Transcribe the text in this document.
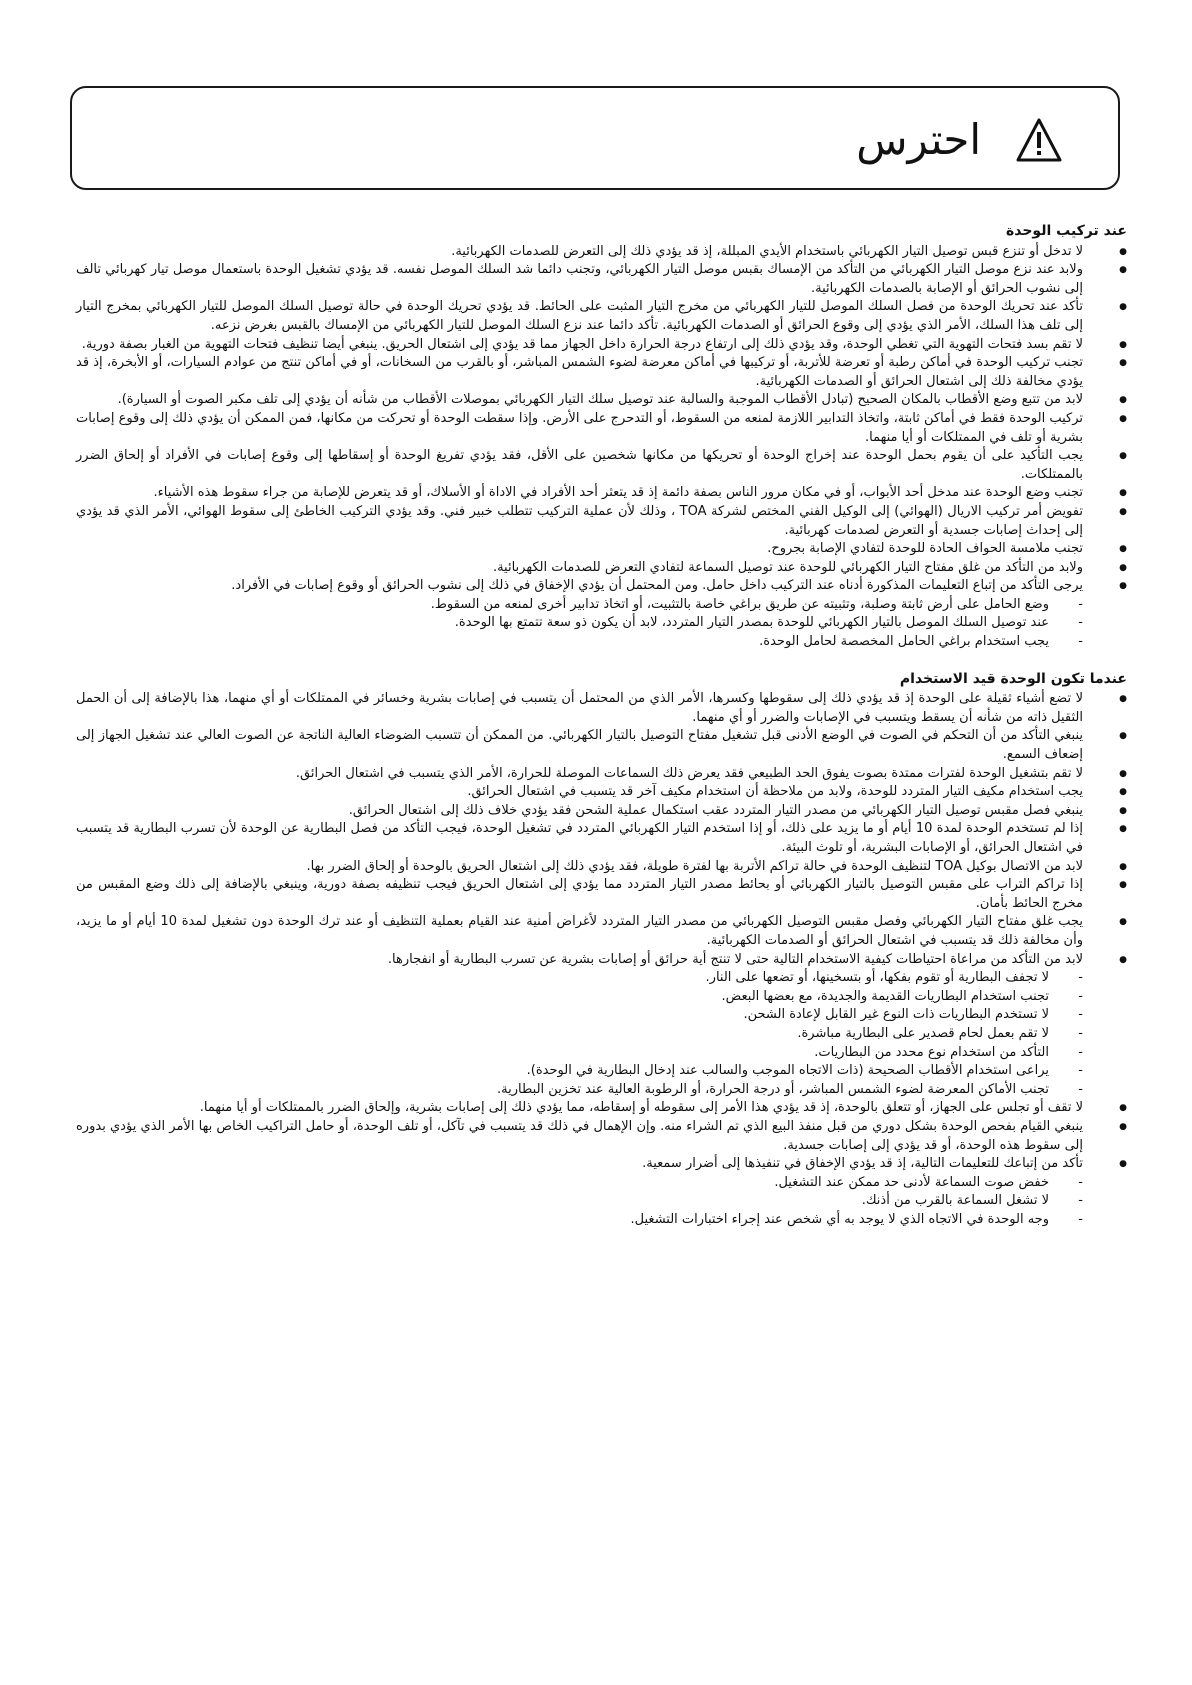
احترس
عند تركيب الوحدة
● لا تدخل أو تنزع قبس توصيل التيار الكهربائي باستخدام الأيدي المبللة، إذ قد يؤدي ذلك إلى التعرض للصدمات الكهربائية.
● ولابد عند نزع موصل التيار الكهربائي من التأكد من الإمساك بقبس موصل التيار الكهربائي، وتجنب دائما شد السلك الموصل نفسه. قد يؤدي تشغيل الوحدة باستعمال موصل تيار كهربائي تالف إلى نشوب الحرائق أو الإصابة بالصدمات الكهربائية.
● تأكد عند تحريك الوحدة من فصل السلك الموصل للتيار الكهربائي من مخرج التيار المثبت على الحائط. قد يؤدي تحريك الوحدة في حالة توصيل السلك الموصل للتيار الكهربائي بمخرج التيار إلى تلف هذا السلك، الأمر الذي يؤدي إلى وقوع الحرائق أو الصدمات الكهربائية. تأكد دائما عند نزع السلك الموصل للتيار الكهربائي من الإمساك بالقبس بغرض نزعه.
● لا تقم بسد فتحات التهوية التي تغطي الوحدة، وقد يؤدي ذلك إلى ارتفاع درجة الحرارة داخل الجهاز مما قد يؤدي إلى اشتعال الحريق. ينبغي أيضا تنظيف فتحات التهوية من الغبار بصفة دورية.
● تجنب تركيب الوحدة في أماكن رطبة أو تعرضة للأتربة، أو تركيبها في أماكن معرضة لضوء الشمس المباشر، أو بالقرب من السخانات، أو في أماكن تنتج من عوادم السيارات، أو الأبخرة، إذ قد يؤدي مخالفة ذلك إلى اشتعال الحرائق أو الصدمات الكهربائية.
● لابد من تتبع وضع الأقطاب بالمكان الصحيح (تبادل الأقطاب الموجبة والسالبة عند توصيل سلك التيار الكهربائي بموصلات الأقطاب من شأنه أن يؤدي إلى تلف مكبر الصوت أو السيارة).
● تركيب الوحدة فقط في أماكن ثابتة، واتخاذ التدابير اللازمة لمنعه من السقوط، أو التدحرج على الأرض. وإذا سقطت الوحدة أو تحركت من مكانها، فمن الممكن أن يؤدي ذلك إلى وقوع إصابات بشرية أو تلف في الممتلكات أو أيا منهما.
● يجب التأكيد على أن يقوم بحمل الوحدة عند إخراج الوحدة أو تحريكها من مكانها شخصين على الأقل، فقد يؤدي تفريغ الوحدة أو إسقاطها إلى وقوع إصابات في الأفراد أو إلحاق الضرر بالممتلكات.
● تجنب وضع الوحدة عند مدخل أحد الأبواب، أو في مكان مرور الناس بصفة دائمة إذ قد يتعثر أحد الأفراد في الاداة أو الأسلاك، أو قد يتعرض للإصابة من جراء سقوط هذه الأشياء.
● تفويض أمر تركيب الاريال (الهوائي) إلى الوكيل الفني المختص لشركة TOA ، وذلك لأن عملية التركيب تتطلب خبير فني. وقد يؤدي التركيب الخاطئ إلى سقوط الهوائي، الأمر الذي قد يؤدي إلى إحداث إصابات جسدية أو التعرض لصدمات كهربائية.
● تجنب ملامسة الحواف الحادة للوحدة لتفادي الإصابة بجروح.
● ولابد من التأكد من غلق مفتاح التيار الكهربائي للوحدة عند توصيل السماعة لتفادي التعرض للصدمات الكهربائية.
● يرجى التأكد من إتباع التعليمات المذكورة أدناه عند التركيب داخل حامل. ومن المحتمل أن يؤدي الإخفاق في ذلك إلى نشوب الحرائق أو وقوع إصابات في الأفراد.
- وضع الحامل على أرض ثابتة وصلبة، وتثبيته عن طريق براغي خاصة بالتثبيت، أو اتخاذ تدابير أخرى لمنعه من السقوط.
- عند توصيل السلك الموصل بالتيار الكهربائي للوحدة بمصدر التيار المتردد، لابد أن يكون ذو سعة تتمتع بها الوحدة.
- يجب استخدام براغي الحامل المخصصة لحامل الوحدة.
عندما تكون الوحدة قيد الاستخدام
● لا تضع أشياء ثقيلة على الوحدة إذ قد يؤدي ذلك إلى سقوطها وكسرها، الأمر الذي من المحتمل أن يتسبب في إصابات بشرية وخسائر في الممتلكات أو أي منهما، هذا بالإضافة إلى أن الحمل الثقيل ذاته من شأنه أن يسقط ويتسبب في الإصابات والضرر أو أي منهما.
● ينبغي التأكد من أن التحكم في الصوت في الوضع الأدنى قبل تشغيل مفتاح التوصيل بالتيار الكهربائي. من الممكن أن تتسبب الضوضاء العالية الناتجة عن الصوت العالي عند تشغيل الجهاز إلى إضعاف السمع.
● لا تقم بتشغيل الوحدة لفترات ممتدة بصوت يفوق الحد الطبيعي فقد يعرض ذلك السماعات الموصلة للحرارة، الأمر الذي يتسبب في اشتعال الحرائق.
● يجب استخدام مكيف التيار المتردد للوحدة، ولابد من ملاحظة أن استخدام مكيف آخر قد يتسبب في اشتعال الحرائق.
● ينبغي فصل مقبس توصيل التيار الكهربائي من مصدر التيار المتردد عقب استكمال عملية الشحن فقد يؤدي خلاف ذلك إلى اشتعال الحرائق.
● إذا لم تستخدم الوحدة لمدة 10 أيام أو ما يزيد على ذلك، أو إذا استخدم التيار الكهربائي المتردد في تشغيل الوحدة، فيجب التأكد من فصل البطارية عن الوحدة لأن تسرب البطارية قد يتسبب في اشتعال الحرائق، أو الإصابات البشرية، أو تلوث البيئة.
● لابد من الاتصال بوكيل TOA لتنظيف الوحدة في حالة تراكم الأتربة بها لفترة طويلة، فقد يؤدي ذلك إلى اشتعال الحريق بالوحدة أو إلحاق الضرر بها.
● إذا تراكم التراب على مقبس التوصيل بالتيار الكهربائي أو بحائط مصدر التيار المتردد مما يؤدي إلى اشتعال الحريق فيجب تنظيفه بصفة دورية، وينبغي بالإضافة إلى ذلك وضع المقبس من مخرج الحائط بأمان.
● يجب غلق مفتاح التيار الكهربائي وفصل مقبس التوصيل الكهربائي من مصدر التيار المتردد لأغراض أمنية عند القيام بعملية التنظيف أو عند ترك الوحدة دون تشغيل لمدة 10 أيام أو ما يزيد، وأن مخالفة ذلك قد يتسبب في اشتعال الحرائق أو الصدمات الكهربائية.
● لابد من التأكد من مراعاة احتياطات كيفية الاستخدام التالية حتى لا تنتج أية حرائق أو إصابات بشرية عن تسرب البطارية أو انفجارها.
- لا تجفف البطارية أو تقوم بفكها، أو بتسخينها، أو تضعها على النار.
- تجنب استخدام البطاريات القديمة والجديدة، مع بعضها البعض.
- لا تستخدم البطاريات ذات النوع غير القابل لإعادة الشحن.
- لا تقم بعمل لحام قصدير على البطارية مباشرة.
- التأكد من استخدام نوع محدد من البطاريات.
- يراعى استخدام الأقطاب الصحيحة (ذات الاتجاه الموجب والسالب عند إدخال البطارية في الوحدة).
- تجنب الأماكن المعرضة لضوء الشمس المباشر، أو درجة الحرارة، أو الرطوبة العالية عند تخزين البطارية.
● لا تقف أو تجلس على الجهاز، أو تتعلق بالوحدة، إذ قد يؤدي هذا الأمر إلى سقوطه أو إسقاطه، مما يؤدي ذلك إلى إصابات بشرية، وإلحاق الضرر بالممتلكات أو أيا منهما.
● ينبغي القيام بفحص الوحدة بشكل دوري من قبل منفذ البيع الذي تم الشراء منه. وإن الإهمال في ذلك قد يتسبب في تآكل، أو تلف الوحدة، أو حامل التراكيب الخاص بها الأمر الذي يؤدي بدوره إلى سقوط هذه الوحدة، أو قد يؤدي إلى إصابات جسدية.
● تأكد من إتباعك للتعليمات التالية، إذ قد يؤدي الإخفاق في تنفيذها إلى أضرار سمعية.
- خفض صوت السماعة لأدنى حد ممكن عند التشغيل.
- لا تشغل السماعة بالقرب من أذنك.
- وجه الوحدة في الاتجاه الذي لا يوجد به أي شخص عند إجراء اختبارات التشغيل.
